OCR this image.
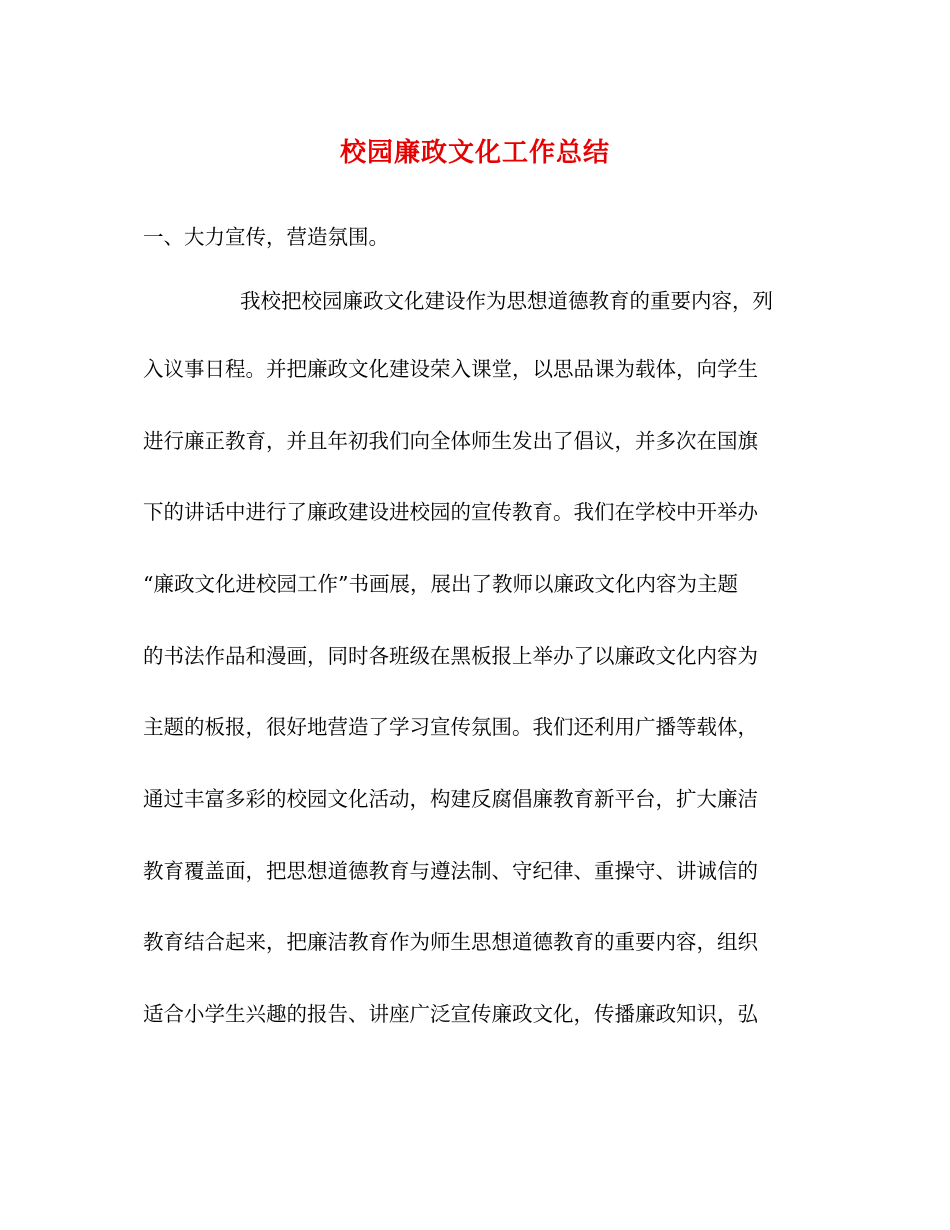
校园廉政文化工作总结
一、大力宣传，营造氛围。
我校把校园廉政文化建设作为思想道德教育的重要内容，列
入议事日程。并把廉政文化建设荣入课堂，以思品课为载体，向学生
进行廉正教育，并且年初我们向全体师生发出了倡议，并多次在国旗
下的讲话中进行了廉政建设进校园的宣传教育。我们在学校中开举办
“廉政文化进校园工作”书画展，展出了教师以廉政文化内容为主题
的书法作品和漫画，同时各班级在黑板报上举办了以廉政文化内容为
主题的板报，很好地营造了学习宣传氛围。我们还利用广播等载体，
通过丰富多彩的校园文化活动，构建反腐倡廉教育新平台，扩大廉洁
教育覆盖面，把思想道德教育与遵法制、守纪律、重操守、讲诚信的
教育结合起来，把廉洁教育作为师生思想道德教育的重要内容，组织
适合小学生兴趣的报告、讲座广泛宣传廉政文化，传播廉政知识，弘
